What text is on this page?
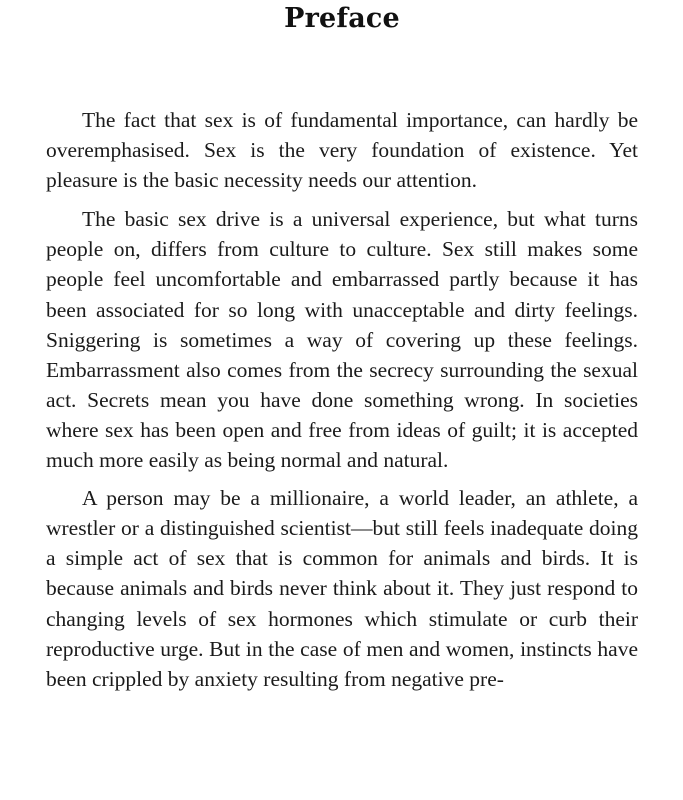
Preface

The fact that sex is of fundamental importance, can hardly be overemphasised. Sex is the very foundation of existence. Yet pleasure is the basic necessity needs our attention.

The basic sex drive is a universal experience, but what turns people on, differs from culture to culture. Sex still makes some people feel uncomfortable and embarrassed partly because it has been associated for so long with unacceptable and dirty feelings. Sniggering is sometimes a way of covering up these feelings. Embarrassment also comes from the secrecy surrounding the sexual act. Secrets mean you have done something wrong. In societies where sex has been open and free from ideas of guilt; it is accepted much more easily as being normal and natural.

A person may be a millionaire, a world leader, an athlete, a wrestler or a distinguished scientist—but still feels inadequate doing a simple act of sex that is common for animals and birds. It is because animals and birds never think about it. They just respond to changing levels of sex hormones which stimulate or curb their reproductive urge. But in the case of men and women, instincts have been crippled by anxiety resulting from negative pre-
